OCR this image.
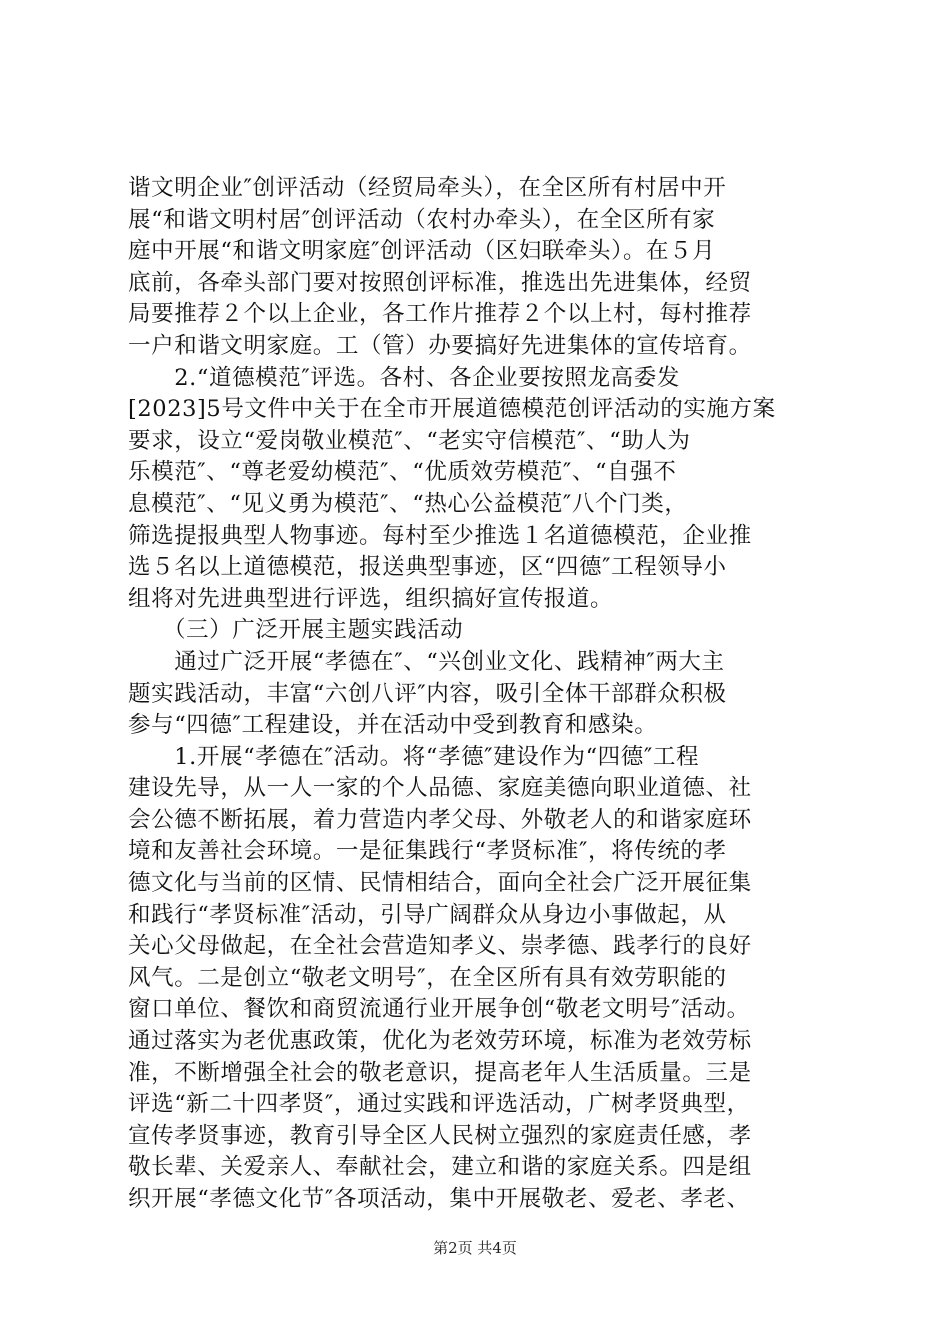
谐文明企业″创评活动（经贸局牵头），在全区所有村居中开
展“和谐文明村居″创评活动（农村办牵头），在全区所有家
庭中开展“和谐文明家庭″创评活动（区妇联牵头）。在５月
底前，各牵头部门要对按照创评标准，推选出先进集体，经贸
局要推荐２个以上企业，各工作片推荐２个以上村，每村推荐
一户和谐文明家庭。工（管）办要搞好先进集体的宣传培育。
　　2.“道德模范″评选。各村、各企业要按照龙高委发
[2023]5号文件中关于在全市开展道德模范创评活动的实施方案
要求，设立“爱岗敬业模范″、“老实守信模范″、“助人为
乐模范″、“尊老爱幼模范″、“优质效劳模范″、“自强不
息模范″、“见义勇为模范″、“热心公益模范″八个门类，
筛选提报典型人物事迹。每村至少推选１名道德模范，企业推
选５名以上道德模范，报送典型事迹，区“四德″工程领导小
组将对先进典型进行评选，组织搞好宣传报道。
　　（三）广泛开展主题实践活动
　　通过广泛开展“孝德在″、“兴创业文化、践精神″两大主
题实践活动，丰富“六创八评″内容，吸引全体干部群众积极
参与“四德″工程建设，并在活动中受到教育和感染。
　　1.开展“孝德在″活动。将“孝德″建设作为“四德″工程
建设先导，从一人一家的个人品德、家庭美德向职业道德、社
会公德不断拓展，着力营造内孝父母、外敬老人的和谐家庭环
境和友善社会环境。一是征集践行“孝贤标准″，将传统的孝
德文化与当前的区情、民情相结合，面向全社会广泛开展征集
和践行“孝贤标准″活动，引导广阔群众从身边小事做起，从
关心父母做起，在全社会营造知孝义、崇孝德、践孝行的良好
风气。二是创立“敬老文明号″，在全区所有具有效劳职能的
窗口单位、餐饮和商贸流通行业开展争创“敬老文明号″活动。
通过落实为老优惠政策，优化为老效劳环境，标准为老效劳标
准，不断增强全社会的敬老意识，提高老年人生活质量。三是
评选“新二十四孝贤″，通过实践和评选活动，广树孝贤典型，
宣传孝贤事迹，教育引导全区人民树立强烈的家庭责任感，孝
敬长辈、关爱亲人、奉献社会，建立和谐的家庭关系。四是组
织开展“孝德文化节″各项活动，集中开展敬老、爱老、孝老、
第2页 共4页
